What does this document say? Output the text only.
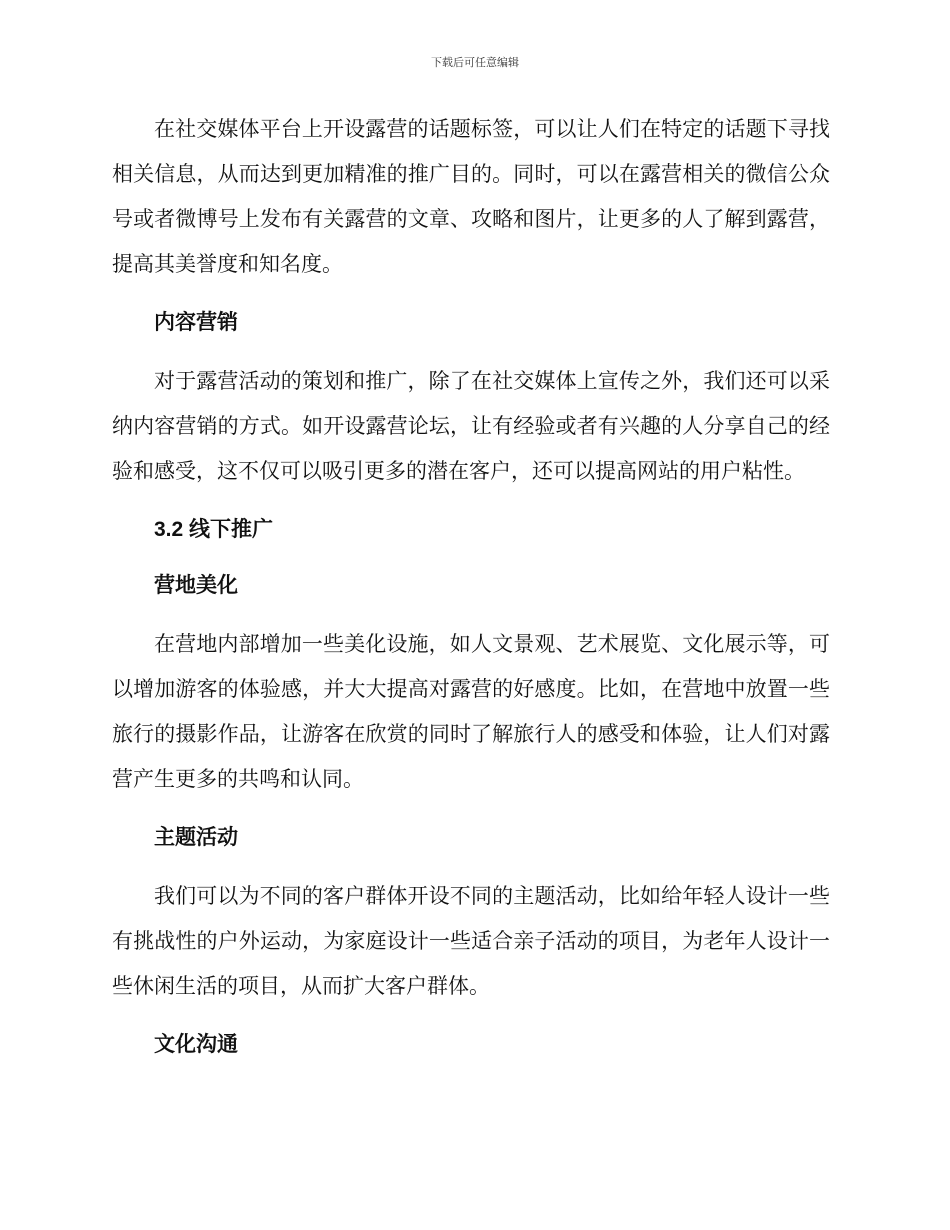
下载后可任意编辑

在社交媒体平台上开设露营的话题标签，可以让人们在特定的话题下寻找相关信息，从而达到更加精准的推广目的。同时，可以在露营相关的微信公众号或者微博号上发布有关露营的文章、攻略和图片，让更多的人了解到露营，提高其美誉度和知名度。

内容营销

对于露营活动的策划和推广，除了在社交媒体上宣传之外，我们还可以采纳内容营销的方式。如开设露营论坛，让有经验或者有兴趣的人分享自己的经验和感受，这不仅可以吸引更多的潜在客户，还可以提高网站的用户粘性。

3.2 线下推广
营地美化

在营地内部增加一些美化设施，如人文景观、艺术展览、文化展示等，可以增加游客的体验感，并大大提高对露营的好感度。比如，在营地中放置一些旅行的摄影作品，让游客在欣赏的同时了解旅行人的感受和体验，让人们对露营产生更多的共鸣和认同。

主题活动

我们可以为不同的客户群体开设不同的主题活动，比如给年轻人设计一些有挑战性的户外运动，为家庭设计一些适合亲子活动的项目，为老年人设计一些休闲生活的项目，从而扩大客户群体。

文化沟通
